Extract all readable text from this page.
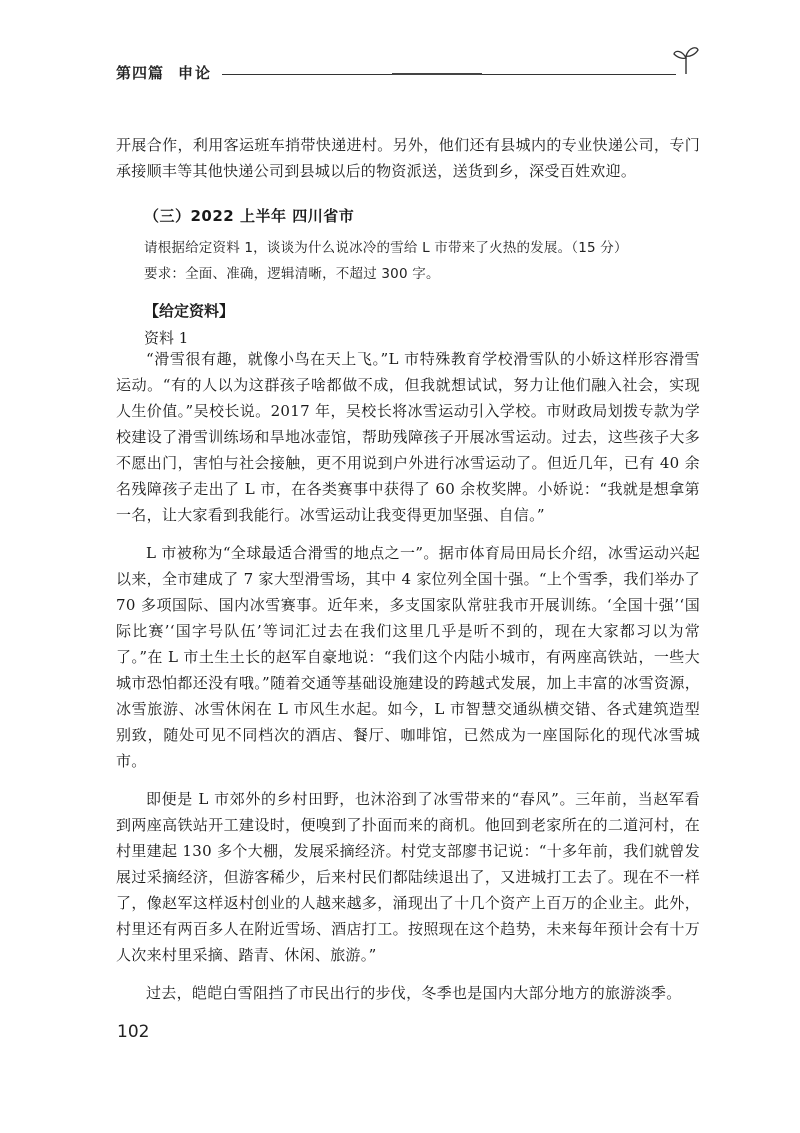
第四篇 申论

开展合作，利用客运班车捎带快递进村。另外，他们还有县城内的专业快递公司，专门承接顺丰等其他快递公司到县城以后的物资派送，送货到乡，深受百姓欢迎。

（三）2022 上半年 四川省市

请根据给定资料 1，谈谈为什么说冰冷的雪给 L 市带来了火热的发展。（15 分）

要求：全面、准确，逻辑清晰，不超过 300 字。

【给定资料】
资料 1

“滑雪很有趣，就像小鸟在天上飞。”L 市特殊教育学校滑雪队的小娇这样形容滑雪运动。“有的人以为这群孩子啥都做不成，但我就想试试，努力让他们融入社会，实现人生价值。”吴校长说。2017 年，吴校长将冰雪运动引入学校。市财政局划拨专款为学校建设了滑雪训练场和旱地冰壶馆，帮助残障孩子开展冰雪运动。过去，这些孩子大多不愿出门，害怕与社会接触，更不用说到户外进行冰雪运动了。但近几年，已有 40 余名残障孩子走出了 L 市，在各类赛事中获得了 60 余枚奖牌。小娇说：“我就是想拿第一名，让大家看到我能行。冰雪运动让我变得更加坚强、自信。”

L 市被称为“全球最适合滑雪的地点之一”。据市体育局田局长介绍，冰雪运动兴起以来，全市建成了 7 家大型滑雪场，其中 4 家位列全国十强。“上个雪季，我们举办了 70 多项国际、国内冰雪赛事。近年来，多支国家队常驻我市开展训练。‘全国十强’‘国际比赛’‘国字号队伍’等词汇过去在我们这里几乎是听不到的，现在大家都习以为常了。”在 L 市土生土长的赵军自豪地说：“我们这个内陆小城市，有两座高铁站，一些大城市恐怕都还没有哦。”随着交通等基础设施建设的跨越式发展，加上丰富的冰雪资源，冰雪旅游、冰雪休闲在 L 市风生水起。如今，L 市智慧交通纵横交错、各式建筑造型别致，随处可见不同档次的酒店、餐厅、咖啡馆，已然成为一座国际化的现代冰雪城市。

即便是 L 市郊外的乡村田野，也沐浴到了冰雪带来的“春风”。三年前，当赵军看到两座高铁站开工建设时，便嗅到了扑面而来的商机。他回到老家所在的二道河村，在村里建起 130 多个大棚，发展采摘经济。村党支部廖书记说：“十多年前，我们就曾发展过采摘经济，但游客稀少，后来村民们都陆续退出了，又进城打工去了。现在不一样了，像赵军这样返村创业的人越来越多，涌现出了十几个资产上百万的企业主。此外，村里还有两百多人在附近雪场、酒店打工。按照现在这个趋势，未来每年预计会有十万人次来村里采摘、踏青、休闲、旅游。”

过去，皑皑白雪阻挡了市民出行的步伐，冬季也是国内大部分地方的旅游淡季。

102
